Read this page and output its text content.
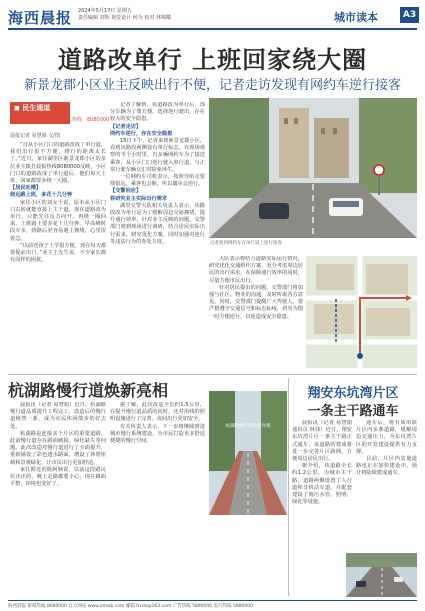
海西晨报 2024年5月17日 星期五
责任编辑 刘辉 视觉设计 何为 校对 林锦耀	城市读本	A3
道路改单行 上班回家绕大圈
新景龙郡小区业主反映出行不便，记者走访发现有网约车逆行接客
◼ 民生通道
热线：8080000
晨报记者 易慧娟 文/图

“自从小区门口的道路改成了单行道，我们出行很不方便，绕行的距离太长了。”近日，家住湖里区新景龙郡小区的多位业主拨打晨报热线8080000反映，小区门口的道路改成了单行道后，他们每天上班、回家都要多绕一大圈。

【居民吐槽】

绕远路上班，多花十几分钟

家住小区的刘女士说，原本从小区门口右转就能直接上主干道，现在道路改为单行，只能先往反方向开，再绕一圈回来，上班路上要多花十几分钟。早高峰时段车多，绕路后更容易遇上拥堵，心里很着急。

“以前送孩子上学很方便，现在每天都要提前出门。”业主王先生说，不少家长都有同样的困扰。

记者了解到，该道路改为单行后，部分车辆为了图方便，选择逆行驶出，存在较大的安全隐患。

【记者走访】

网约车逆行，存在安全隐患

15日下午，记者来到新景龙郡小区，看到该路段两侧设有单行标志。在现场观察的半个小时里，有多辆网约车为了接送乘客，从小区门口逆行驶入单行道，与正常行驶车辆交汇时险象环生。

一位网约车司机表示，按照导航走要绕很远，乘客也会催，所以偶尔会逆行。

【交警回应】

将研究业主实际出行需求

湖里交警大队相关负责人表示，该路段改为单行是为了缓解周边交通拥堵，提升通行效率。针对业主反映的问题，交警部门将到现场进行调研，结合居民实际出行需求，研究优化方案，同时加强对逆行等违法行为的查处力度。	记者看到网约车在单行道上逆行接客

大队表示将结合道路实际运行情况，研究优化交通组织方案，充分考虑周边居民的出行需求，在保障通行效率的同时，尽量方便市民出行。

针对居民提出的问题，交警部门将加强与社区、物业的沟通，及时听取各方意见。同时，交警部门提醒广大驾驶人，要严格遵守交通信号和标志标线，切勿为图一时方便逆行，以免造成安全隐患。

杭湖路慢行道焕新亮相

晨报讯（记者 易慧娟）近日，杭湖路慢行道品质提升工程完工，改造后的慢行道焕然一新，成为市民休闲散步的好去处。

杭湖路是连接多个片区的重要道路，此前慢行道存在路面破损、绿化缺失等问题。此次改造对慢行道进行了全面提升，重新铺设了彩色透水路面，增设了休憩座椅和景观绿化，让市民出行更加舒适。

家住附近的陈阿姨说，以前这段路坑坑洼洼的，晚上走路都要小心，现在路面平整，环境也变好了。

据了解，此次改造全长约1.5公里，在提升慢行道品质的同时，还对沿线的照明设施进行了完善，夜间出行更加安全。

有关负责人表示，下一步将继续推进城市慢行系统建设，为市民打造更多舒适便捷的慢行空间。

杭湖路慢行道焕新亮相
翔安东坑湾片区
一条主干路通车

晨报讯（记者 易慧娟 通讯员 林伟）近日，翔安东坑湾片区一条主干路正式通车，该道路的建成将进一步完善片区路网，方便周边居民出行。

据介绍，该道路全长约1.2公里，为城市主干路，道路两侧设置了人行道和非机动车道，并配套建设了雨污水管、照明、绿化等设施。

通车后，将有效串联片区内多条道路，缓解周边交通压力，为东坑湾片区的开发建设提供有力支撑。

目前，片区内其他道路也正在加快建设中，预计将陆续建成通车。

海西晨报 新闻热线 8080000 官方网站 www.xmwb.com 邮箱 hxcb@163.com 广告热线 5890000 发行热线 5880000
